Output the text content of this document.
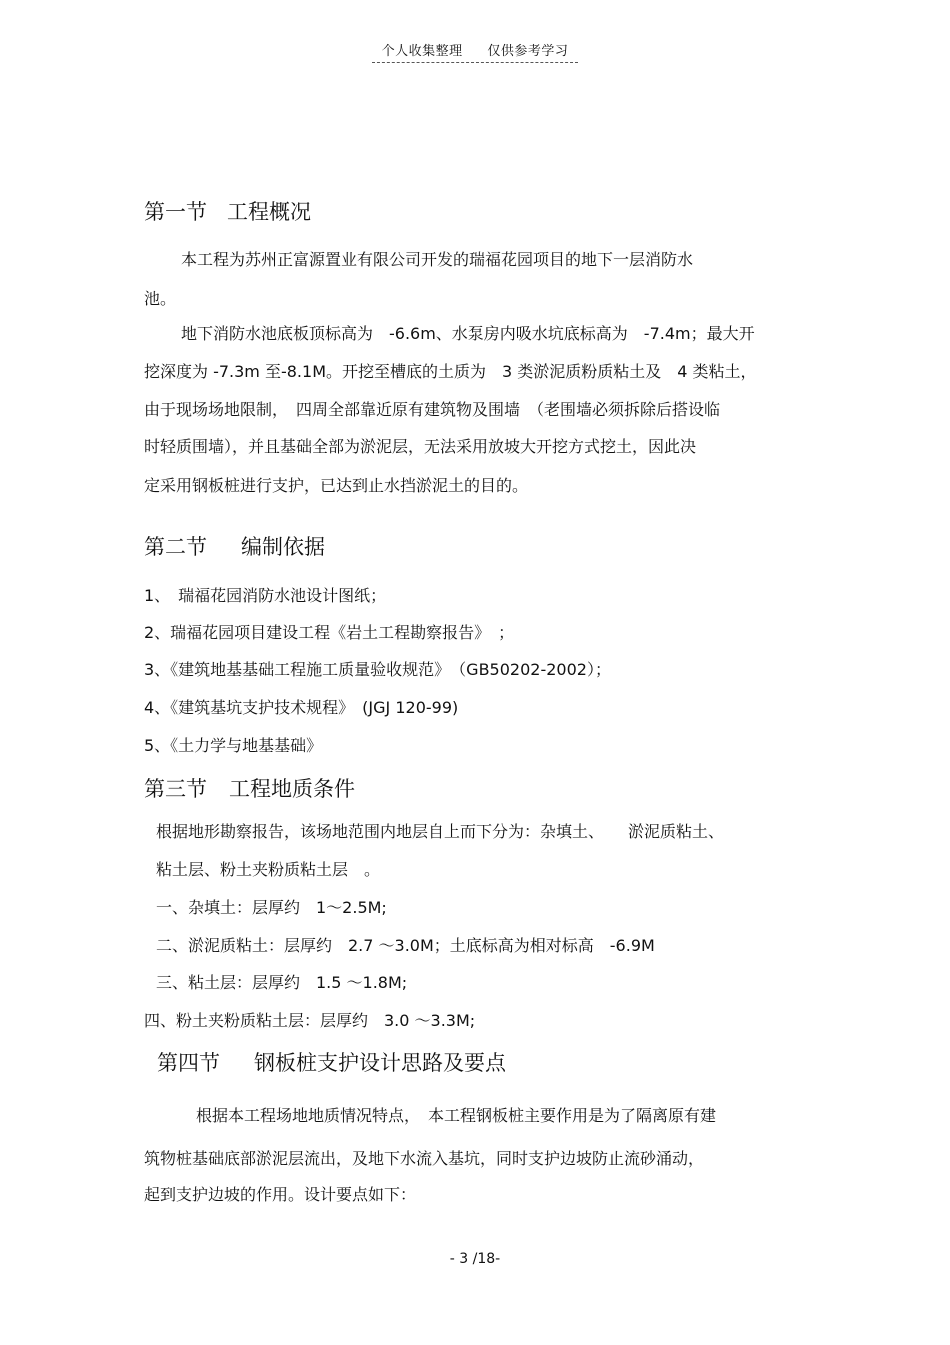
个人收集整理 仅供参考学习
第一节 工程概况
本工程为苏州正富源置业有限公司开发的瑞福花园项目的地下一层消防水
池。
地下消防水池底板顶标高为　-6.6m、水泵房内吸水坑底标高为　-7.4m；最大开
挖深度为 -7.3m 至-8.1M。开挖至槽底的土质为　3 类淤泥质粉质粘土及　4 类粘土，
由于现场场地限制，　四周全部靠近原有建筑物及围墙　（老围墙必须拆除后搭设临
时轻质围墙），并且基础全部为淤泥层，无法采用放坡大开挖方式挖土，因此决
定采用钢板桩进行支护，已达到止水挡淤泥土的目的。
第二节 编制依据
1、　瑞福花园消防水池设计图纸；
2、瑞福花园项目建设工程《岩土工程勘察报告》　；
3、《建筑地基基础工程施工质量验收规范》　（GB50202-2002）；
4、《建筑基坑支护技术规程》　(JGJ 120-99)
5、《土力学与地基基础》
第三节 工程地质条件
根据地形勘察报告，该场地范围内地层自上而下分为：杂填土、　　淤泥质粘土、
粘土层、粉土夹粉质粘土层　。
一、杂填土：层厚约　1～2.5M;
二、淤泥质粘土：层厚约　2.7 ～3.0M；土底标高为相对标高　-6.9M
三、粘土层：层厚约　1.5 ～1.8M;
四、粉土夹粉质粘土层：层厚约　3.0 ～3.3M;
第四节 钢板桩支护设计思路及要点
根据本工程场地地质情况特点，　本工程钢板桩主要作用是为了隔离原有建
筑物桩基础底部淤泥层流出，及地下水流入基坑，同时支护边坡防止流砂涌动，
起到支护边坡的作用。设计要点如下：
- 3 /18-
